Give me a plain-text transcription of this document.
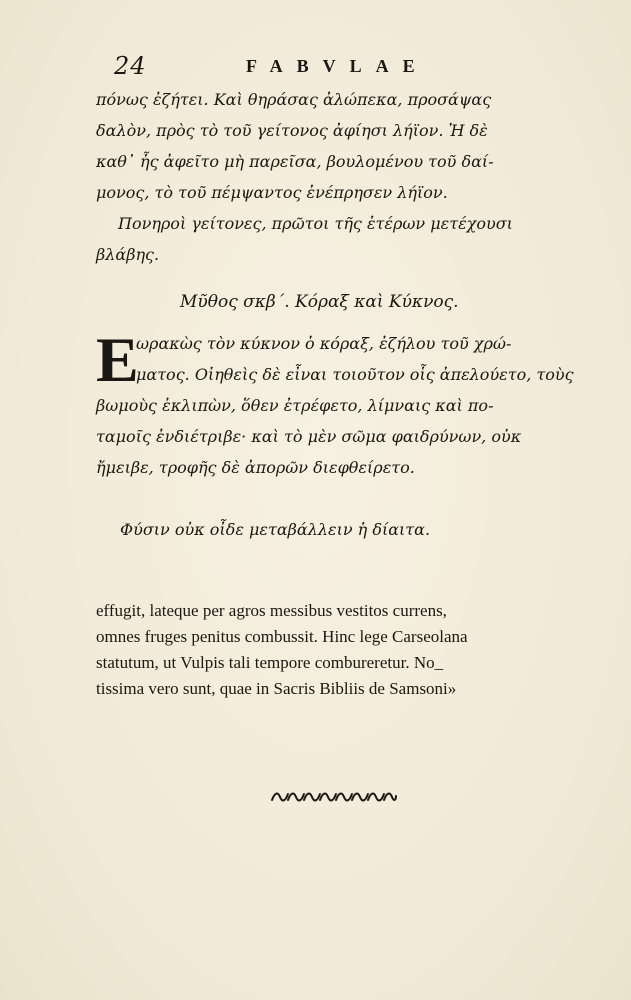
24	FABVLAE
πόνως ἐζήτει. Καὶ θηράσας ἀλώπεκα, προσάψας
δαλὸν, πρὸς τὸ τοῦ γείτονος ἀφίησι λήϊον. Ἡ δὲ
καθ᾽ ἧς ἀφεῖτο μὴ παρεῖσα, βουλομένου τοῦ δαί-
μονος, τὸ τοῦ πέμψαντος ἐνέπρησεν λήϊον.
Πονηροὶ γείτονες, πρῶτοι τῆς ἑτέρων μετέχουσι
βλάβης.
Μῦθος σκβ΄. Κόραξ καὶ Κύκνος.
Ε
ωρακὼς τὸν κύκνον ὁ κόραξ, ἐζήλου τοῦ χρώ-
ματος. Οἰηθεὶς δὲ εἶναι τοιοῦτον οἷς ἀπελούετο, τοὺς
βωμοὺς ἐκλιπὼν, ὅθεν ἐτρέφετο, λίμναις καὶ πο-
ταμοῖς ἐνδιέτριβε· καὶ τὸ μὲν σῶμα φαιδρύνων, οὐκ
ἤμειβε, τροφῆς δὲ ἀπορῶν διεφθείρετο.
Φύσιν οὐκ οἶδε μεταβάλλειν ἡ δίαιτα.
effugit, lateque per agros messibus vestitos currens,
omnes fruges penitus combussit. Hinc lege Carseolana
statutum, ut Vulpis tali tempore combureretur. No_
tissima vero sunt, quae in Sacris Bibliis de Samsoni»
